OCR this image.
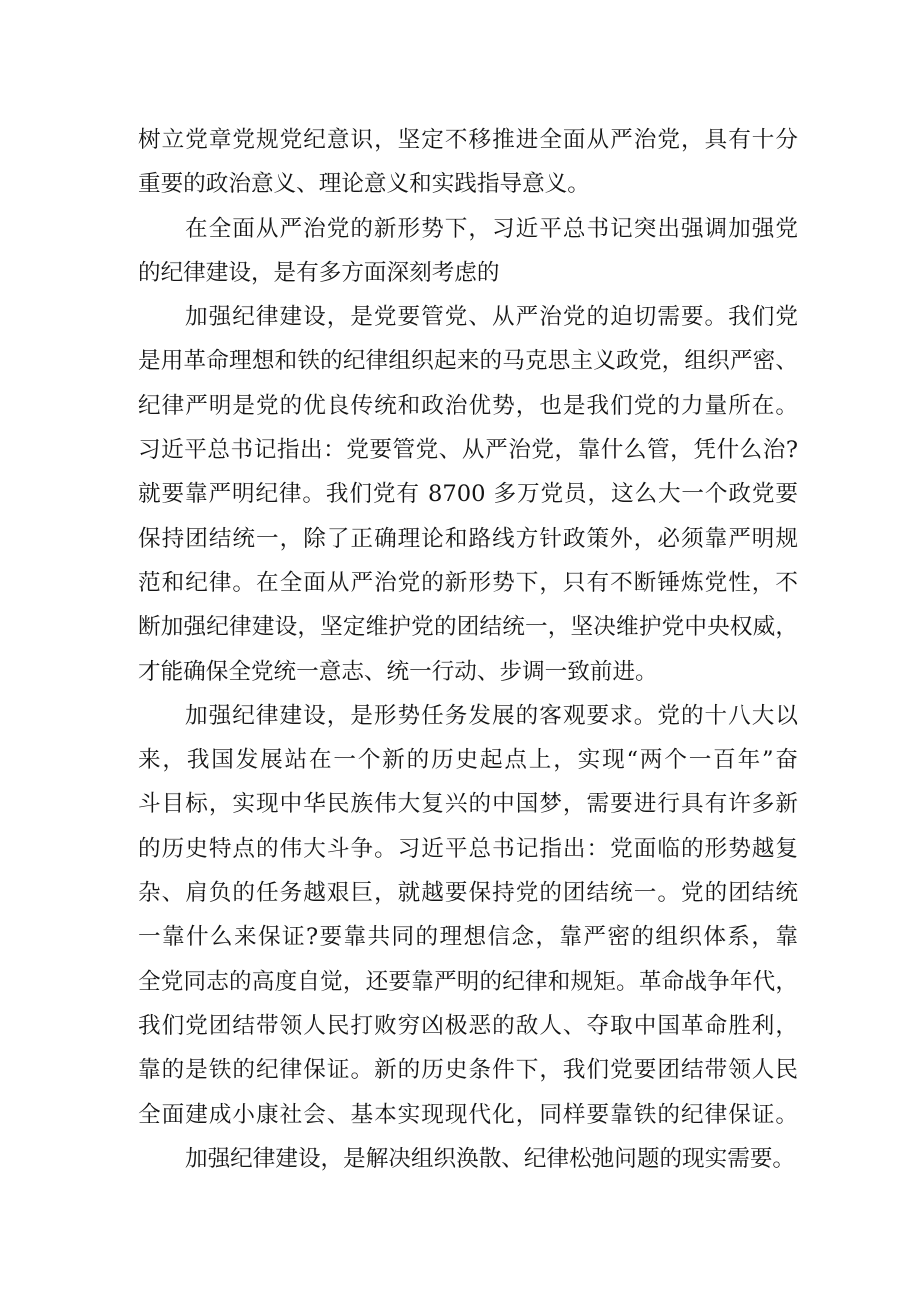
树立党章党规党纪意识，坚定不移推进全面从严治党，具有十分
重要的政治意义、理论意义和实践指导意义。
在全面从严治党的新形势下，习近平总书记突出强调加强党
的纪律建设，是有多方面深刻考虑的
加强纪律建设，是党要管党、从严治党的迫切需要。我们党
是用革命理想和铁的纪律组织起来的马克思主义政党，组织严密、
纪律严明是党的优良传统和政治优势，也是我们党的力量所在。
习近平总书记指出：党要管党、从严治党，靠什么管，凭什么治?
就要靠严明纪律。我们党有 8700 多万党员，这么大一个政党要
保持团结统一，除了正确理论和路线方针政策外，必须靠严明规
范和纪律。在全面从严治党的新形势下，只有不断锤炼党性，不
断加强纪律建设，坚定维护党的团结统一，坚决维护党中央权威，
才能确保全党统一意志、统一行动、步调一致前进。
加强纪律建设，是形势任务发展的客观要求。党的十八大以
来，我国发展站在一个新的历史起点上，实现“两个一百年”奋
斗目标，实现中华民族伟大复兴的中国梦，需要进行具有许多新
的历史特点的伟大斗争。习近平总书记指出：党面临的形势越复
杂、肩负的任务越艰巨，就越要保持党的团结统一。党的团结统
一靠什么来保证?要靠共同的理想信念，靠严密的组织体系，靠
全党同志的高度自觉，还要靠严明的纪律和规矩。革命战争年代，
我们党团结带领人民打败穷凶极恶的敌人、夺取中国革命胜利，
靠的是铁的纪律保证。新的历史条件下，我们党要团结带领人民
全面建成小康社会、基本实现现代化，同样要靠铁的纪律保证。
加强纪律建设，是解决组织涣散、纪律松弛问题的现实需要。
